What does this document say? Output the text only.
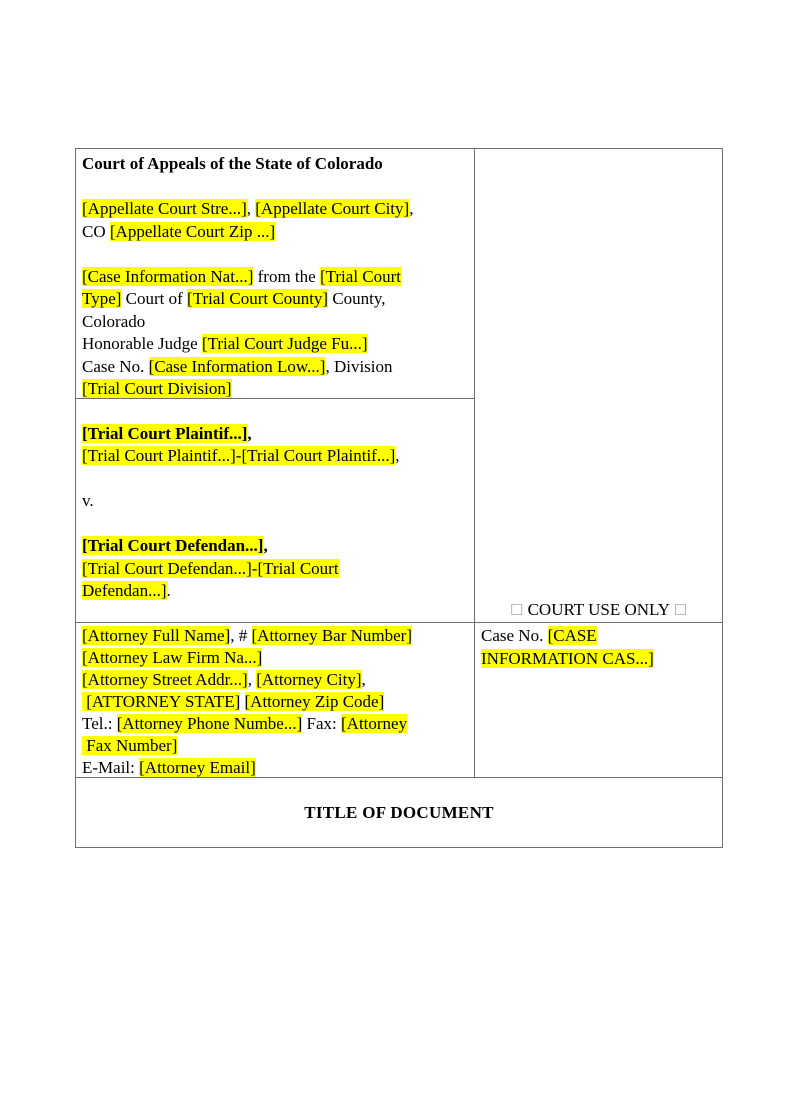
Court of Appeals of the State of Colorado

[Appellate Court Stre...], [Appellate Court City],
CO [Appellate Court Zip ...]

[Case Information Nat...] from the [Trial Court
Type] Court of [Trial Court County] County,
Colorado
Honorable Judge [Trial Court Judge Fu...]
Case No. [Case Information Low...], Division
[Trial Court Division]

[Trial Court Plaintif...],
[Trial Court Plaintif...]-[Trial Court Plaintif...],

v.

[Trial Court Defendan...],
[Trial Court Defendan...]-[Trial Court
Defendan...].
☐ COURT USE ONLY ☐
[Attorney Full Name], # [Attorney Bar Number]
[Attorney Law Firm Na...]
[Attorney Street Addr...], [Attorney City],
[ATTORNEY STATE] [Attorney Zip Code]
Tel.: [Attorney Phone Numbe...] Fax: [Attorney
Fax Number]
E-Mail: [Attorney Email]
Case No. [CASE
INFORMATION CAS...]
TITLE OF DOCUMENT
